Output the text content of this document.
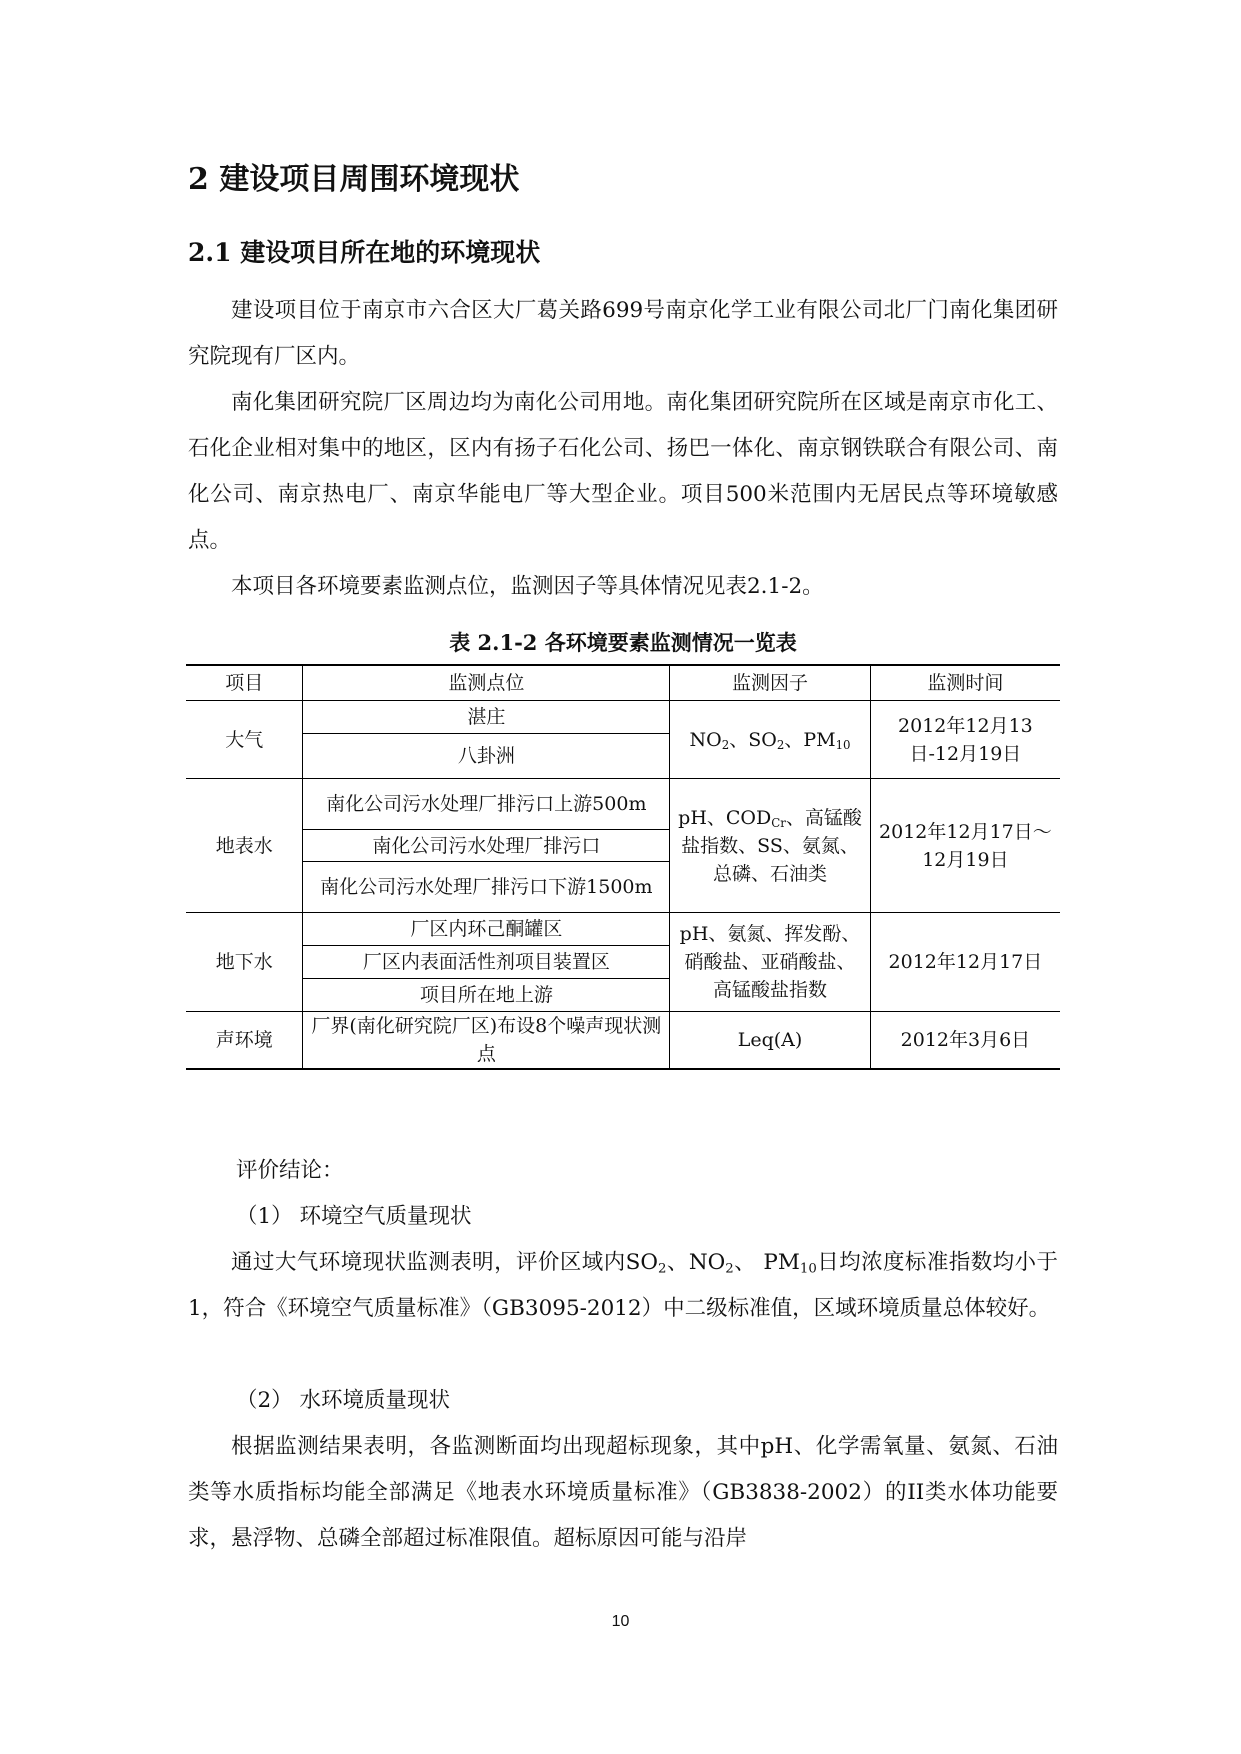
2 建设项目周围环境现状
2.1 建设项目所在地的环境现状
建设项目位于南京市六合区大厂葛关路699号南京化学工业有限公司北厂门南化集团研究院现有厂区内。
南化集团研究院厂区周边均为南化公司用地。南化集团研究院所在区域是南京市化工、石化企业相对集中的地区，区内有扬子石化公司、扬巴一体化、南京钢铁联合有限公司、南化公司、南京热电厂、南京华能电厂等大型企业。项目500米范围内无居民点等环境敏感点。
本项目各环境要素监测点位，监测因子等具体情况见表2.1-2。
表 2.1-2 各环境要素监测情况一览表
项目	监测点位	监测因子	监测时间
大气	湛庄	$NO_2$、$SO_2$、$PM_{10}$	2012年12月13日-12月19日
	八卦洲		
地表水	南化公司污水处理厂排污口上游500m	pH、$COD_{Cr}$、高锰酸盐指数、SS、氨氮、总磷、石油类	2012年12月17日～12月19日
	南化公司污水处理厂排污口		
	南化公司污水处理厂排污口下游1500m		
地下水	厂区内环己酮罐区	pH、氨氮、挥发酚、硝酸盐、亚硝酸盐、高锰酸盐指数	2012年12月17日
	厂区内表面活性剂项目装置区		
	项目所在地上游		
声环境	厂界(南化研究院厂区)布设8个噪声现状测点	Leq(A)	2012年3月6日
评价结论：
（1） 环境空气质量现状
通过大气环境现状监测表明，评价区域内$SO_2$、$NO_2$、 $PM_{10}$日均浓度标准指数均小于1，符合《环境空气质量标准》（GB3095-2012）中二级标准值，区域环境质量总体较好。
（2） 水环境质量现状
根据监测结果表明，各监测断面均出现超标现象，其中pH、化学需氧量、氨氮、石油类等水质指标均能全部满足《地表水环境质量标准》（GB3838-2002）的II类水体功能要求，悬浮物、总磷全部超过标准限值。超标原因可能与沿岸
10
